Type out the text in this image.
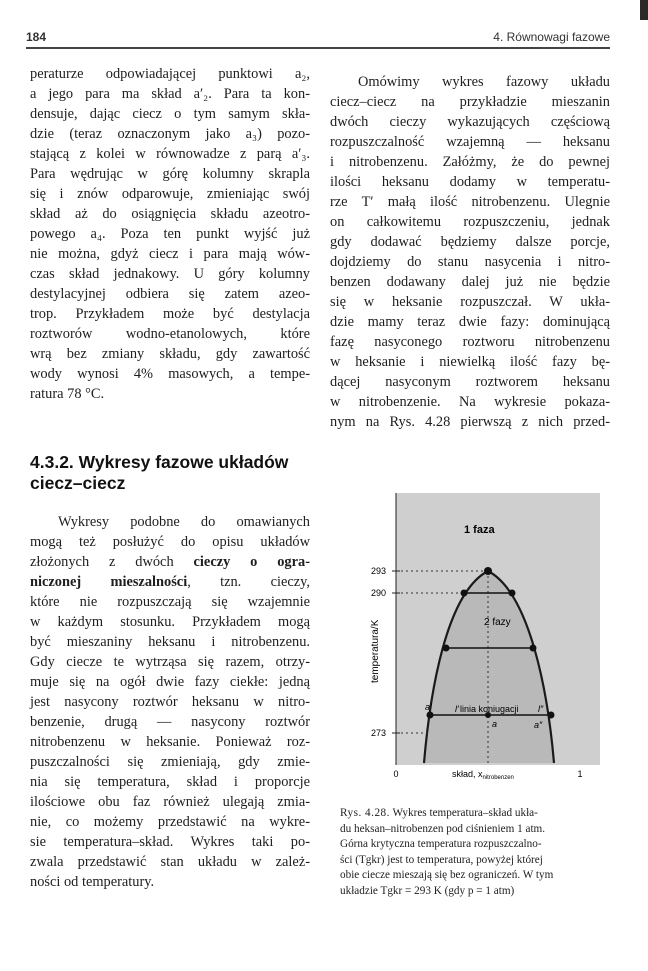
184	4. Równowagi fazowe
peraturze odpowiadającej punktowi a₂,
a jego para ma skład a′₂. Para ta kon-
densuje, dając ciecz o tym samym skła-
dzie (teraz oznaczonym jako a₃) pozo-
stającą z kolei w równowadze z parą a′₃.
Para wędrując w górę kolumny skrapla
się i znów odparowuje, zmieniając swój
skład aż do osiągnięcia składu azeotro-
powego a₄. Poza ten punkt wyjść już
nie można, gdyż ciecz i para mają wów-
czas skład jednakowy. U góry kolumny
destylacyjnej odbiera się zatem azeo-
trop. Przykładem może być destylacja
roztworów wodno-etanolowych, które
wrą bez zmiany składu, gdy zawartość
wody wynosi 4% masowych, a tempe-
ratura 78 °C.
4.3.2. Wykresy fazowe układów
ciecz–ciecz
Wykresy podobne do omawianych
mogą też posłużyć do opisu układów
złożonych z dwóch cieczy o ogra-
niczonej mieszalności, tzn. cieczy,
które nie rozpuszczają się wzajemnie
w każdym stosunku. Przykładem mogą
być mieszaniny heksanu i nitrobenzenu.
Gdy ciecze te wytrząsa się razem, otrzy-
muje się na ogół dwie fazy ciekłe: jedną
jest nasycony roztwór heksanu w nitro-
benzenie, drugą — nasycony roztwór
nitrobenzenu w heksanie. Ponieważ roz-
puszczalności się zmieniają, gdy zmie-
nia się temperatura, skład i proporcje
ilościowe obu faz również ulegają zmia-
nie, co możemy przedstawić na wykre-
sie temperatura–skład. Wykres taki po-
zwala przedstawić stan układu w zależ-
ności od temperatury.
Omówimy wykres fazowy układu
ciecz–ciecz na przykładzie mieszanin
dwóch cieczy wykazujących częściową
rozpuszczalność wzajemną — heksanu
i nitrobenzenu. Załóżmy, że do pewnej
ilości heksanu dodamy w temperatu-
rze T′ małą ilość nitrobenzenu. Ulegnie
on całkowitemu rozpuszczeniu, jednak
gdy dodawać będziemy dalsze porcje,
dojdziemy do stanu nasycenia i nitro-
benzen dodawany dalej już nie będzie
się w heksanie rozpuszczał. W ukła-
dzie mamy teraz dwie fazy: dominującą
fazę nasyconego roztworu nitrobenzenu
w heksanie i niewielką ilość fazy bę-
dącej nasyconym roztworem heksanu
w nitrobenzenie. Na wykresie pokaza-
nym na Rys. 4.28 pierwszą z nich przed-
293
290
273
1 faza
2 fazy
l′ linia koniugacji l″
a′
a	a″
temperatura/K
0	1
skład, $x_{nitrobenzen}$
Rys. 4.28. Wykres temperatura–skład ukła-
du heksan–nitrobenzen pod ciśnieniem 1 atm.
Górna krytyczna temperatura rozpuszczalno-
ści (Tgkr) jest to temperatura, powyżej której
obie ciecze mieszają się bez ograniczeń. W tym
układzie Tgkr = 293 K (gdy p = 1 atm)
